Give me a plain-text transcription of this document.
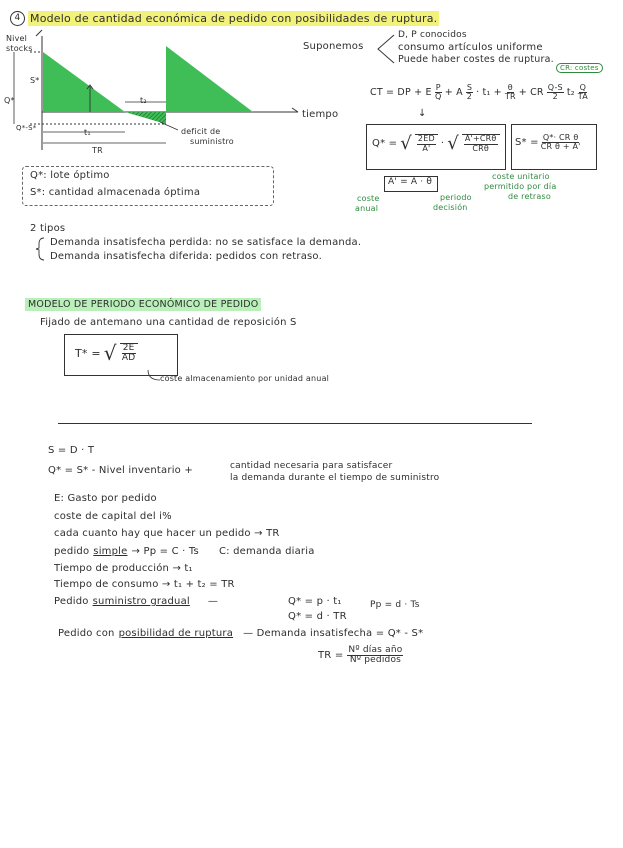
4 Modelo de cantidad económica de pedido con posibilidades de ruptura.
Nivel
stocks
S*
Q*
Q*-S*
t₂
t₁
TR
tiempo
deficit de
suministro
Suponemos
D, P conocidos
consumo artículos uniforme
Puede haber costes de ruptura.
CR: costes
CT = DP + E $\frac{P}{Q} + A \frac{S}{2} \cdot t_1 + \frac{\theta}{TR}$ + CR $\frac{Q-S}{2} t_2 \frac{Q}{TA}$
↓
Q* = √ $\frac{2ED}{A'}$ · √ $\frac{\text{A'+CRθ}}{\text{CRθ}} S* = \frac{\text{Q*· CR θ}}{\text{CR θ + A'}}$
A' = A · θ
coste
anual
periodo
decisión
coste unitario
permitido por día
de retraso
Q*: lote óptimo
S*: cantidad almacenada óptima
2 tipos
Demanda insatisfecha perdida: no se satisface la demanda.
Demanda insatisfecha diferida: pedidos con retraso.
MODELO DE PERIODO ECONÓMICO DE PEDIDO
Fijado de antemano una cantidad de reposición S
T* = √ $\frac{2E}{AD}$
coste almacenamiento por unidad anual
S = D · T
Q* = S* - Nivel inventario +	cantidad necesaria para satisfacer
la demanda durante el tiempo de suministro
E: Gasto por pedido
coste de capital del i%
cada cuanto hay que hacer un pedido → TR
pedido simple → Pp = C · Ts C: demanda diaria
Tiempo de producción → t₁
Tiempo de consumo → t₁ + t₂ = TR
Pedido suministro gradual —	Q* = p · t₁
Q* = d · TR
Pp = d · Ts
Pedido con posibilidad de ruptura — Demanda insatisfecha = Q* - S*
TR = $\frac{\text{Nº días año}}{\text{Nº pedidos}}$
